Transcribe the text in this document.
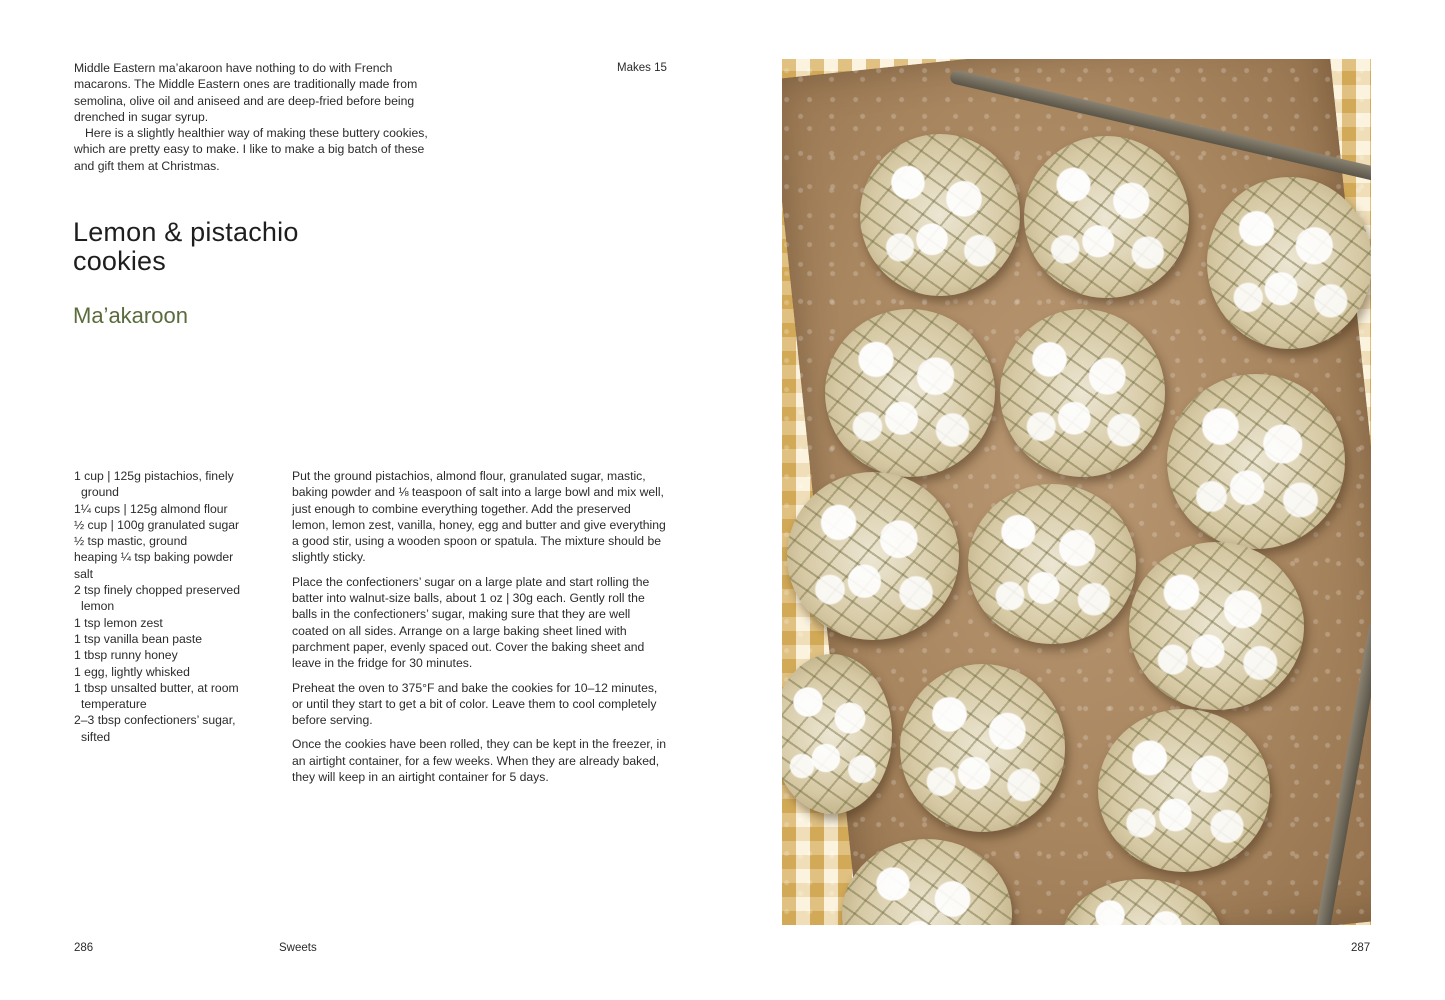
Middle Eastern ma’akaroon have nothing to do with French macarons. The Middle Eastern ones are traditionally made from semolina, olive oil and aniseed and are deep-fried before being drenched in sugar syrup.

Here is a slightly healthier way of making these buttery cookies, which are pretty easy to make. I like to make a big batch of these and gift them at Christmas.

Makes 15
Lemon & pistachio cookies
Ma’akaroon
1 cup | 125g pistachios, finely ground
1¼ cups | 125g almond flour
½ cup | 100g granulated sugar
½ tsp mastic, ground
heaping ¼ tsp baking powder
salt
2 tsp finely chopped preserved lemon
1 tsp lemon zest
1 tsp vanilla bean paste
1 tbsp runny honey
1 egg, lightly whisked
1 tbsp unsalted butter, at room temperature
2–3 tbsp confectioners’ sugar, sifted

Put the ground pistachios, almond flour, granulated sugar, mastic, baking powder and ⅛ teaspoon of salt into a large bowl and mix well, just enough to combine everything together. Add the preserved lemon, lemon zest, vanilla, honey, egg and butter and give everything a good stir, using a wooden spoon or spatula. The mixture should be slightly sticky.

Place the confectioners’ sugar on a large plate and start rolling the batter into walnut-size balls, about 1 oz | 30g each. Gently roll the balls in the confectioners’ sugar, making sure that they are well coated on all sides. Arrange on a large baking sheet lined with parchment paper, evenly spaced out. Cover the baking sheet and leave in the fridge for 30 minutes.

Preheat the oven to 375°F and bake the cookies for 10–12 minutes, or until they start to get a bit of color. Leave them to cool completely before serving.

Once the cookies have been rolled, they can be kept in the freezer, in an airtight container, for a few weeks. When they are already baked, they will keep in an airtight container for 5 days.

286	Sweets	287
